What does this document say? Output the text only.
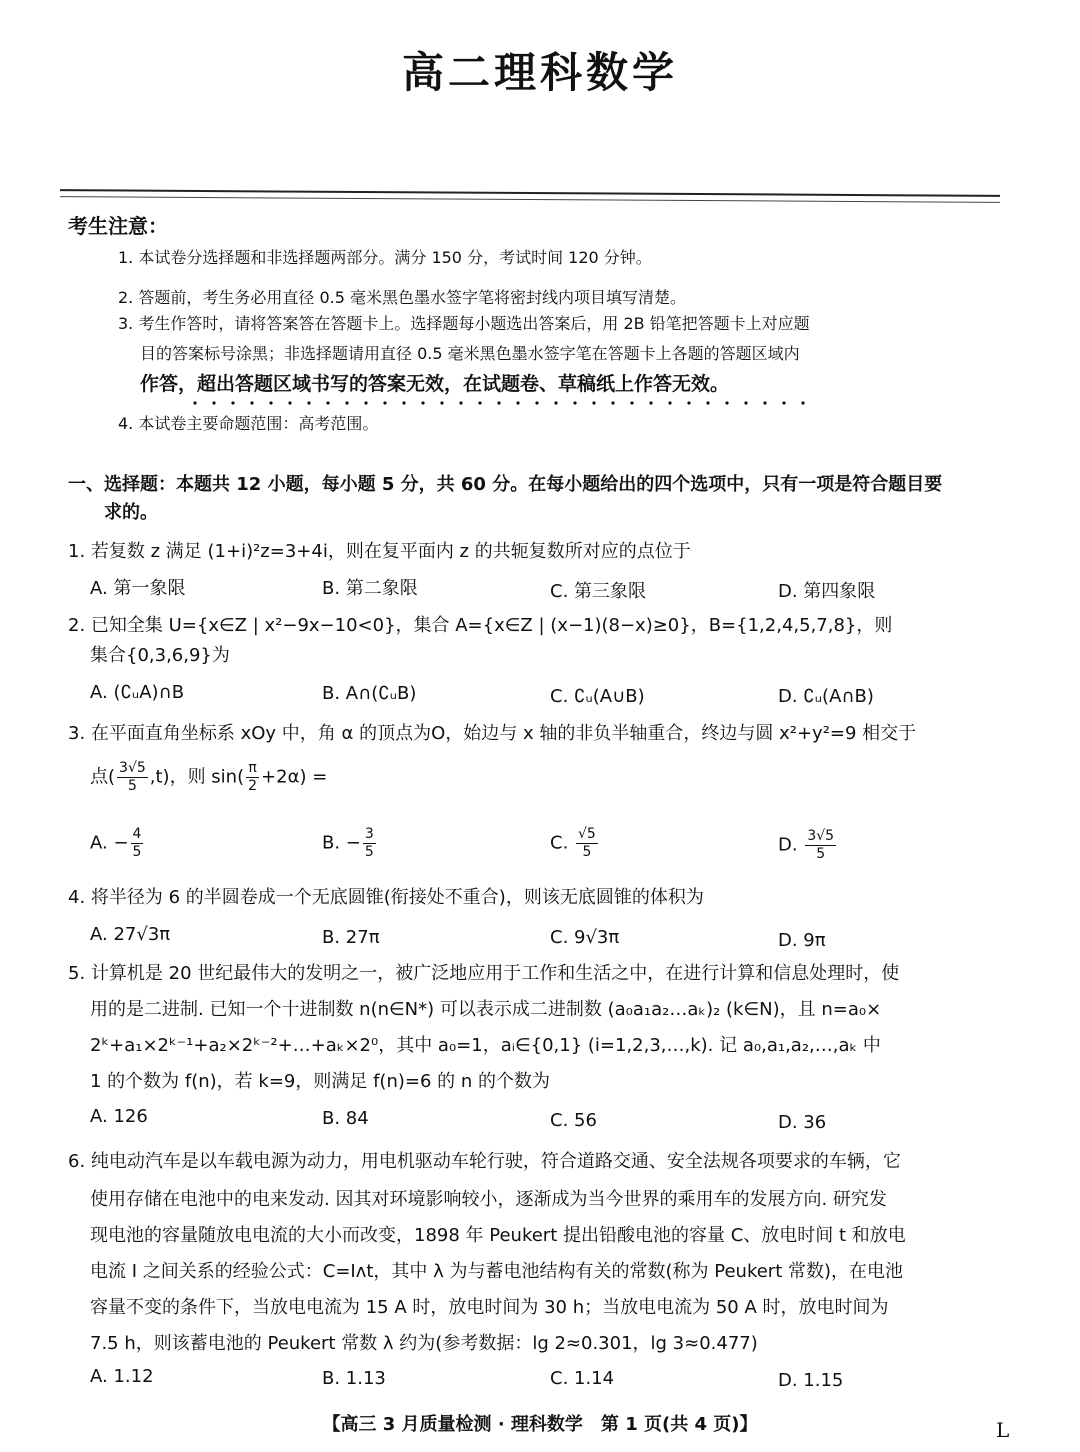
高二理科数学
考生注意：
1. 本试卷分选择题和非选择题两部分。满分 150 分，考试时间 120 分钟。
2. 答题前，考生务必用直径 0.5 毫米黑色墨水签字笔将密封线内项目填写清楚。
3. 考生作答时，请将答案答在答题卡上。选择题每小题选出答案后，用 2B 铅笔把答题卡上对应题
目的答案标号涂黑；非选择题请用直径 0.5 毫米黑色墨水签字笔在答题卡上各题的答题区域内
作答，超出答题区域书写的答案无效，在试题卷、草稿纸上作答无效。
4. 本试卷主要命题范围：高考范围。
一、选择题：本题共 12 小题，每小题 5 分，共 60 分。在每小题给出的四个选项中，只有一项是符合题目要
求的。
1. 若复数 z 满足 (1+i)²z=3+4i，则在复平面内 z 的共轭复数所对应的点位于
A. 第一象限	B. 第二象限	C. 第三象限	D. 第四象限
2. 已知全集 U={x∈Z | x²−9x−10<0}，集合 A={x∈Z | (x−1)(8−x)≥0}，B={1,2,4,5,7,8}，则
集合{0,3,6,9}为
A. (∁ᵤA)∩B	B. A∩(∁ᵤB)	C. ∁ᵤ(A∪B)	D. ∁ᵤ(A∩B)
3. 在平面直角坐标系 xOy 中，角 α 的顶点为O，始边与 x 轴的非负半轴重合，终边与圆 x²+y²=9 相交于
点( $\frac{3√5}{5} ,t$)，则 $\sin( \frac{\pi}{2} +2\alpha)$ =
A. − $\frac{4}{5}$	B. − $\frac{3}{5}$	C. $\frac{√5}{5}$	D. $\frac{3√5}{5}$
4. 将半径为 6 的半圆卷成一个无底圆锥(衔接处不重合)，则该无底圆锥的体积为
A. 27√3π	B. 27π	C. 9√3π	D. 9π
5. 计算机是 20 世纪最伟大的发明之一，被广泛地应用于工作和生活之中，在进行计算和信息处理时，使
用的是二进制. 已知一个十进制数 n(n∈N*) 可以表示成二进制数 (a₀a₁a₂…aₖ)₂ (k∈N)，且 n=a₀×
2ᵏ+a₁×2ᵏ⁻¹+a₂×2ᵏ⁻²+…+aₖ×2⁰，其中 a₀=1，aᵢ∈{0,1} (i=1,2,3,…,k). 记 a₀,a₁,a₂,…,aₖ 中
1 的个数为 f(n)，若 k=9，则满足 f(n)=6 的 n 的个数为
A. 126	B. 84	C. 56	D. 36
6. 纯电动汽车是以车载电源为动力，用电机驱动车轮行驶，符合道路交通、安全法规各项要求的车辆，它
使用存储在电池中的电来发动. 因其对环境影响较小，逐渐成为当今世界的乘用车的发展方向. 研究发
现电池的容量随放电电流的大小而改变，1898 年 Peukert 提出铅酸电池的容量 C、放电时间 t 和放电
电流 I 之间关系的经验公式：C=Iᴧt，其中 λ 为与蓄电池结构有关的常数(称为 Peukert 常数)，在电池
容量不变的条件下，当放电电流为 15 A 时，放电时间为 30 h；当放电电流为 50 A 时，放电时间为
7.5 h，则该蓄电池的 Peukert 常数 λ 约为(参考数据：lg 2≈0.301，lg 3≈0.477)
A. 1.12	B. 1.13	C. 1.14	D. 1.15
【高三 3 月质量检测 · 理科数学　第 1 页(共 4 页)】	L
